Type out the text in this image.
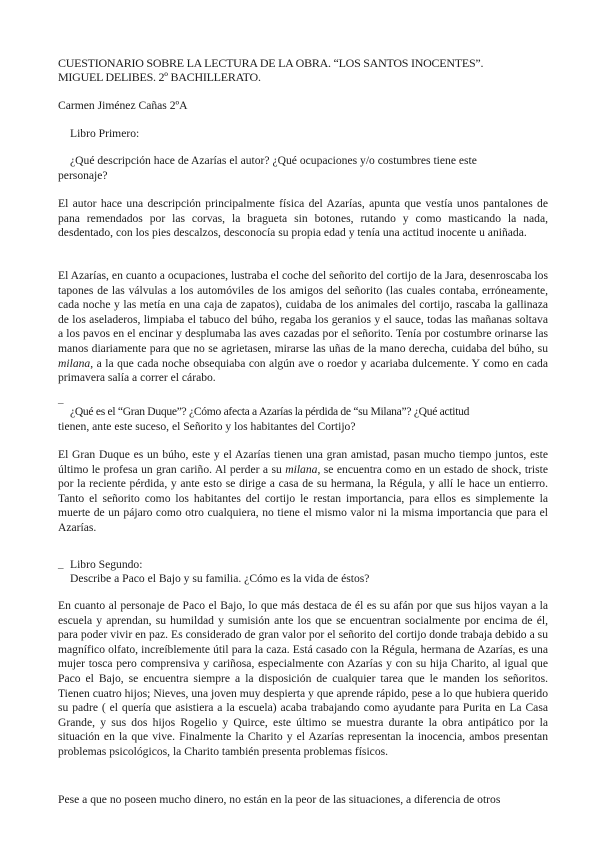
CUESTIONARIO SOBRE LA LECTURA DE LA OBRA. “LOS SANTOS INOCENTES”.
MIGUEL DELIBES. 2º BACHILLERATO.
Carmen Jiménez Cañas 2ºA
Libro Primero:
¿Qué descripción hace de Azarías el autor? ¿Qué ocupaciones y/o costumbres tiene este
personaje?

El autor hace una descripción principalmente física del Azarías, apunta que vestía unos pantalones de pana remendados por las corvas, la bragueta sin botones, rutando y como masticando la nada, desdentado, con los pies descalzos, desconocía su propia edad y tenía una actitud inocente u aniñada.

El Azarías, en cuanto a ocupaciones, lustraba el coche del señorito del cortijo de la Jara, desenroscaba los tapones de las válvulas a los automóviles de los amigos del señorito (las cuales contaba, erróneamente, cada noche y las metía en una caja de zapatos), cuidaba de los animales del cortijo, rascaba la gallinaza de los aseladeros, limpiaba el tabuco del búho, regaba los geranios y el sauce, todas las mañanas soltava a los pavos en el encinar y desplumaba las aves cazadas por el señorito. Tenía por costumbre orinarse las manos diariamente para que no se agrietasen, mirarse las uñas de la mano derecha, cuidaba del búho, su milana, a la que cada noche obsequiaba con algún ave o roedor y acariaba dulcemente. Y como en cada primavera salía a correr el cárabo.

¯ ¿Qué es el “Gran Duque”? ¿Cómo afecta a Azarías la pérdida de “su Milana”? ¿Qué actitud
tienen, ante este suceso, el Señorito y los habitantes del Cortijo?

El Gran Duque es un búho, este y el Azarías tienen una gran amistad, pasan mucho tiempo juntos, este último le profesa un gran cariño. Al perder a su milana, se encuentra como en un estado de shock, triste por la reciente pérdida, y ante esto se dirige a casa de su hermana, la Régula, y allí le hace un entierro. Tanto el señorito como los habitantes del cortijo le restan importancia, para ellos es simplemente la muerte de un pájaro como otro cualquiera, no tiene el mismo valor ni la misma importancia que para el Azarías.

Libro Segundo:
¯ Describe a Paco el Bajo y su familia. ¿Cómo es la vida de éstos?

En cuanto al personaje de Paco el Bajo, lo que más destaca de él es su afán por que sus hijos vayan a la escuela y aprendan, su humildad y sumisión ante los que se encuentran socialmente por encima de él, para poder vivir en paz. Es considerado de gran valor por el señorito del cortijo donde trabaja debido a su magnífico olfato, increíblemente útil para la caza. Está casado con la Régula, hermana de Azarías, es una mujer tosca pero comprensiva y cariñosa, especialmente con Azarías y con su hija Charito, al igual que Paco el Bajo, se encuentra siempre a la disposición de cualquier tarea que le manden los señoritos. Tienen cuatro hijos; Nieves, una joven muy despierta y que aprende rápido, pese a lo que hubiera querido su padre ( el quería que asistiera a la escuela) acaba trabajando como ayudante para Purita en La Casa Grande, y sus dos hijos Rogelio y Quirce, este último se muestra durante la obra antipático por la situación en la que vive. Finalmente la Charito y el Azarías representan la inocencia, ambos presentan problemas psicológicos, la Charito también presenta problemas físicos.

Pese a que no poseen mucho dinero, no están en la peor de las situaciones, a diferencia de otros
